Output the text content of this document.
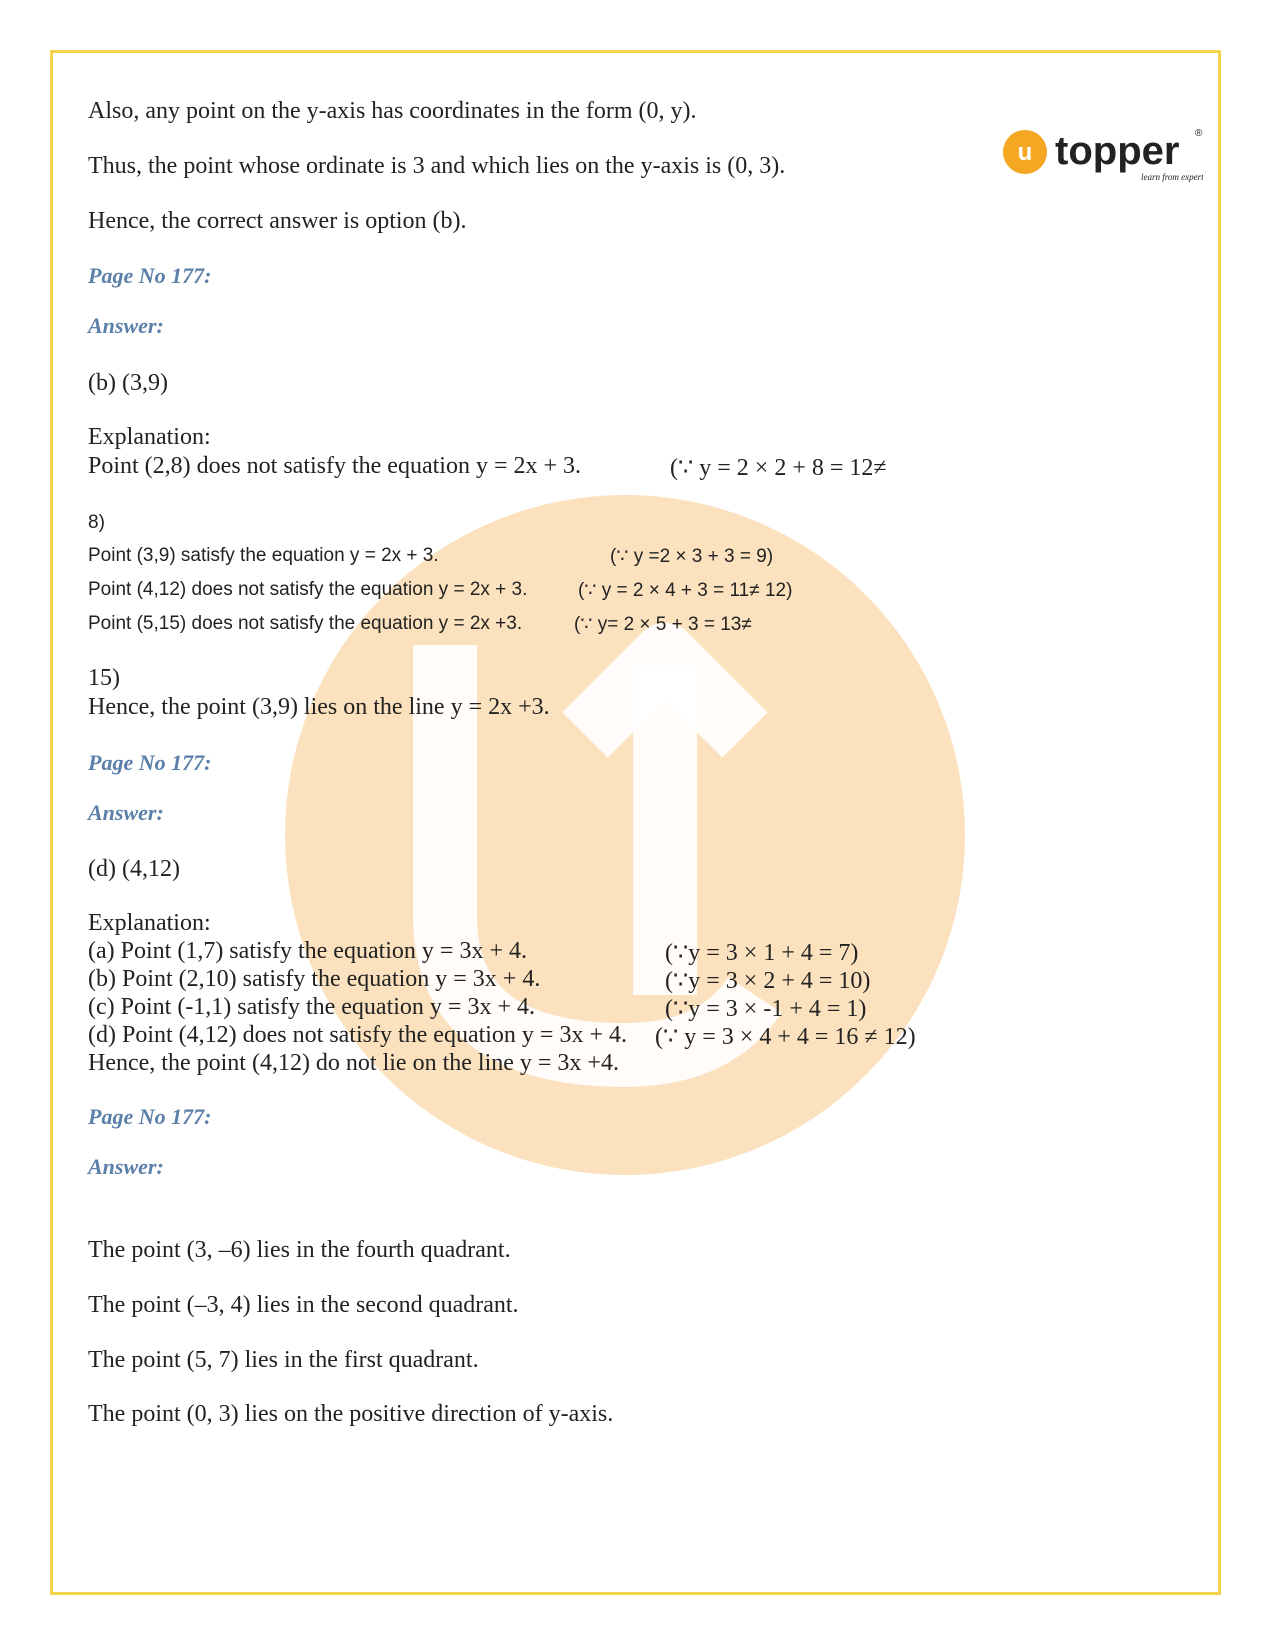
u topper ®
learn from experts
Also, any point on the y-axis has coordinates in the form (0, y).
Thus, the point whose ordinate is 3 and which lies on the y-axis is (0, 3).
Hence, the correct answer is option (b).
Page No 177:
Answer:
(b) (3,9)
Explanation:
Point (2,8) does not satisfy the equation y = 2x + 3.	(∵ y = 2 × 2 + 8 = 12≠
8)
Point (3,9) satisfy the equation y = 2x + 3.	(∵ y =2 × 3 + 3 = 9)
Point (4,12) does not satisfy the equation y = 2x + 3.	(∵ y = 2 × 4 + 3 = 11≠ 12)
Point (5,15) does not satisfy the equation y = 2x +3.	(∵ y= 2 × 5 + 3 = 13≠
15)
Hence, the point (3,9) lies on the line y = 2x +3.
Page No 177:
Answer:
(d) (4,12)
Explanation:
(a) Point (1,7) satisfy the equation y = 3x + 4.	(∵y = 3 × 1 + 4 = 7)
(b) Point (2,10) satisfy the equation y = 3x + 4.	(∵y = 3 × 2 + 4 = 10)
(c) Point (-1,1) satisfy the equation y = 3x + 4.	(∵y = 3 × -1 + 4 = 1)
(d) Point (4,12) does not satisfy the equation y = 3x + 4. (∵ y = 3 × 4 + 4 = 16 ≠ 12)
Hence, the point (4,12) do not lie on the line y = 3x +4.
Page No 177:
Answer:
The point (3, –6) lies in the fourth quadrant.
The point (–3, 4) lies in the second quadrant.
The point (5, 7) lies in the first quadrant.
The point (0, 3) lies on the positive direction of y-axis.
